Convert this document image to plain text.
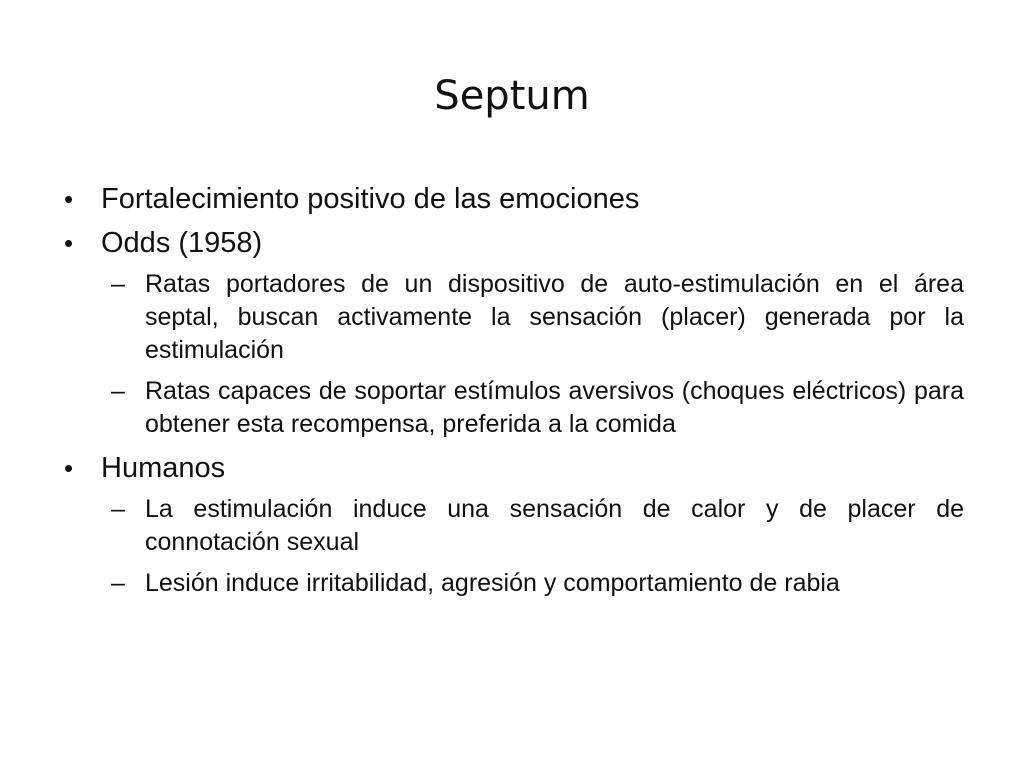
Septum
• Fortalecimiento positivo de las emociones
• Odds (1958)
– Ratas portadores de un dispositivo de auto-estimulación en el área septal, buscan activamente la sensación (placer) generada por la estimulación
– Ratas capaces de soportar estímulos aversivos (choques eléctricos) para obtener esta recompensa, preferida a la comida
• Humanos
– La estimulación induce una sensación de calor y de placer de connotación sexual
– Lesión induce irritabilidad, agresión y comportamiento de rabia
